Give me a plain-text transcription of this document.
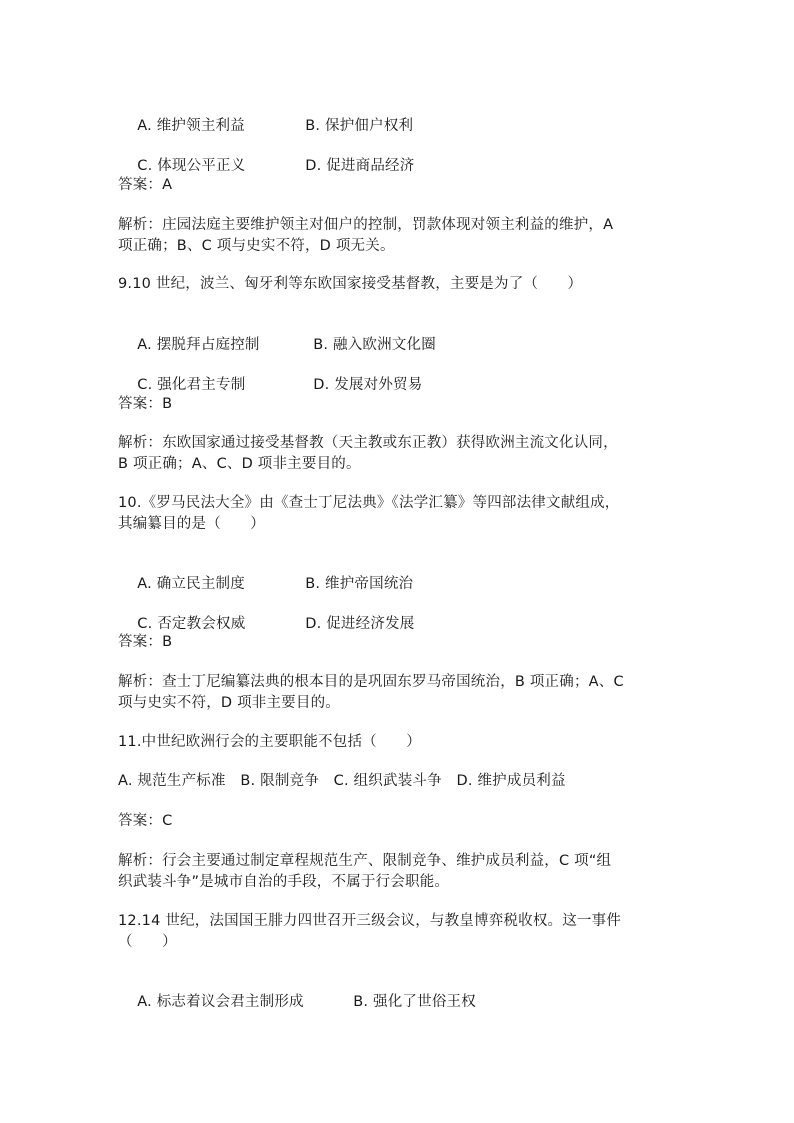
A. 维护领主利益	B. 保护佃户权利

C. 体现公平正义	D. 促进商品经济

答案：A
解析：庄园法庭主要维护领主对佃户的控制，罚款体现对领主利益的维护，A
项正确；B、C 项与史实不符，D 项无关。
9.10 世纪，波兰、匈牙利等东欧国家接受基督教，主要是为了（　　）

A. 摆脱拜占庭控制	B. 融入欧洲文化圈

C. 强化君主专制	D. 发展对外贸易

答案：B
解析：东欧国家通过接受基督教（天主教或东正教）获得欧洲主流文化认同，
B 项正确；A、C、D 项非主要目的。
10.《罗马民法大全》由《查士丁尼法典》《法学汇纂》等四部法律文献组成，
其编纂目的是（　　）

A. 确立民主制度	B. 维护帝国统治

C. 否定教会权威	D. 促进经济发展

答案：B
解析：查士丁尼编纂法典的根本目的是巩固东罗马帝国统治，B 项正确；A、C
项与史实不符，D 项非主要目的。
11.中世纪欧洲行会的主要职能不包括（　　）
A. 规范生产标准　B. 限制竞争　C. 组织武装斗争　D. 维护成员利益
答案：C
解析：行会主要通过制定章程规范生产、限制竞争、维护成员利益，C 项“组
织武装斗争”是城市自治的手段，不属于行会职能。
12.14 世纪，法国国王腓力四世召开三级会议，与教皇博弈税收权。这一事件
（　　）

A. 标志着议会君主制形成	B. 强化了世俗王权
